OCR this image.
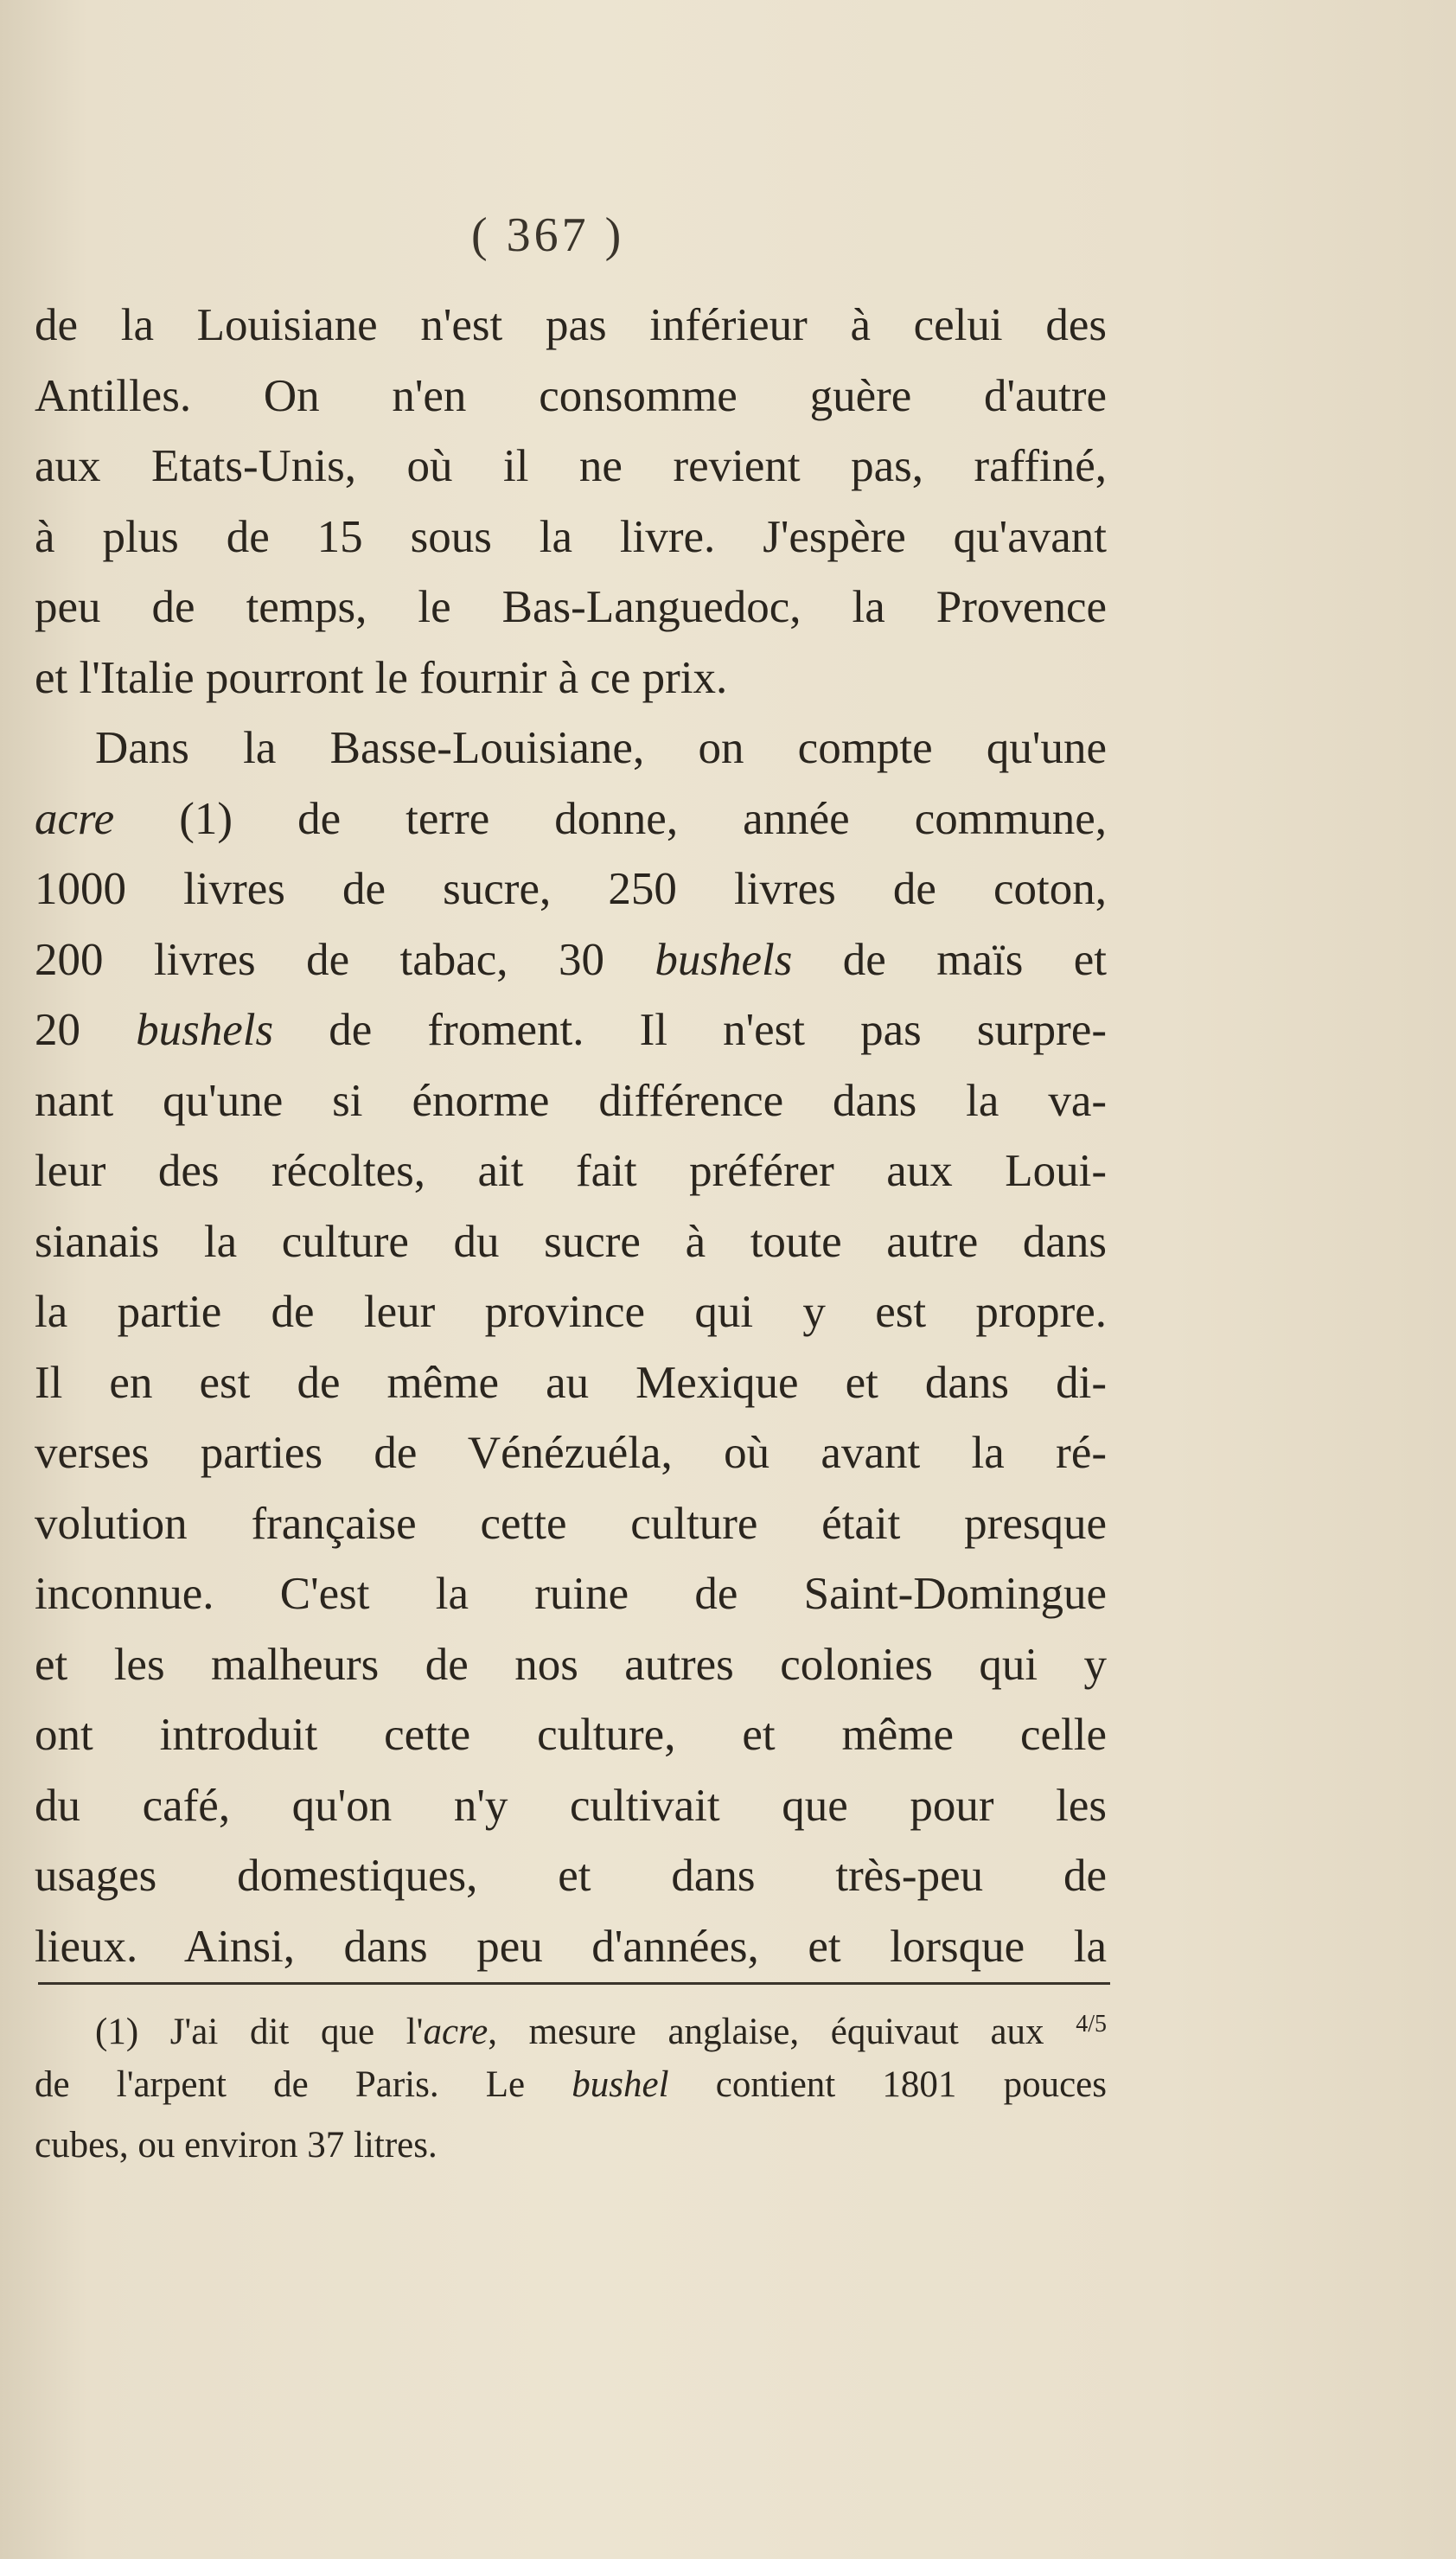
( 367 )
de la Louisiane n'est pas inférieur à celui des
Antilles. On n'en consomme guère d'autre
aux Etats-Unis, où il ne revient pas, raffiné,
à plus de 15 sous la livre. J'espère qu'avant
peu de temps, le Bas-Languedoc, la Provence
et l'Italie pourront le fournir à ce prix.
Dans la Basse-Louisiane, on compte qu'une
acre (1) de terre donne, année commune,
1000 livres de sucre, 250 livres de coton,
200 livres de tabac, 30 bushels de maïs et
20 bushels de froment. Il n'est pas surpre-
nant qu'une si énorme différence dans la va-
leur des récoltes, ait fait préférer aux Loui-
sianais la culture du sucre à toute autre dans
la partie de leur province qui y est propre.
Il en est de même au Mexique et dans di-
verses parties de Vénézuéla, où avant la ré-
volution française cette culture était presque
inconnue. C'est la ruine de Saint-Domingue
et les malheurs de nos autres colonies qui y
ont introduit cette culture, et même celle
du café, qu'on n'y cultivait que pour les
usages domestiques, et dans très-peu de
lieux. Ainsi, dans peu d'années, et lorsque la
(1) J'ai dit que l'acre, mesure anglaise, équivaut aux $^{4/5}$
de l'arpent de Paris. Le bushel contient 1801 pouces
cubes, ou environ 37 litres.
